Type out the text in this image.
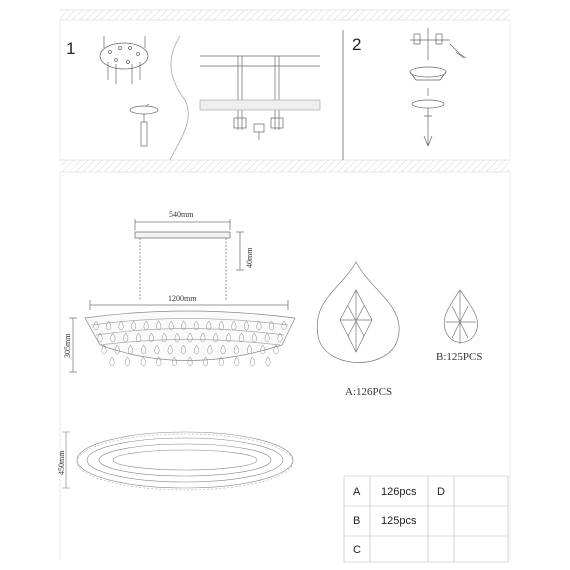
1	2
540mm
40mm
1200mm
305mm
A:126PCS
B:125PCS
450mm
A 126pcs D
B 125pcs
C
